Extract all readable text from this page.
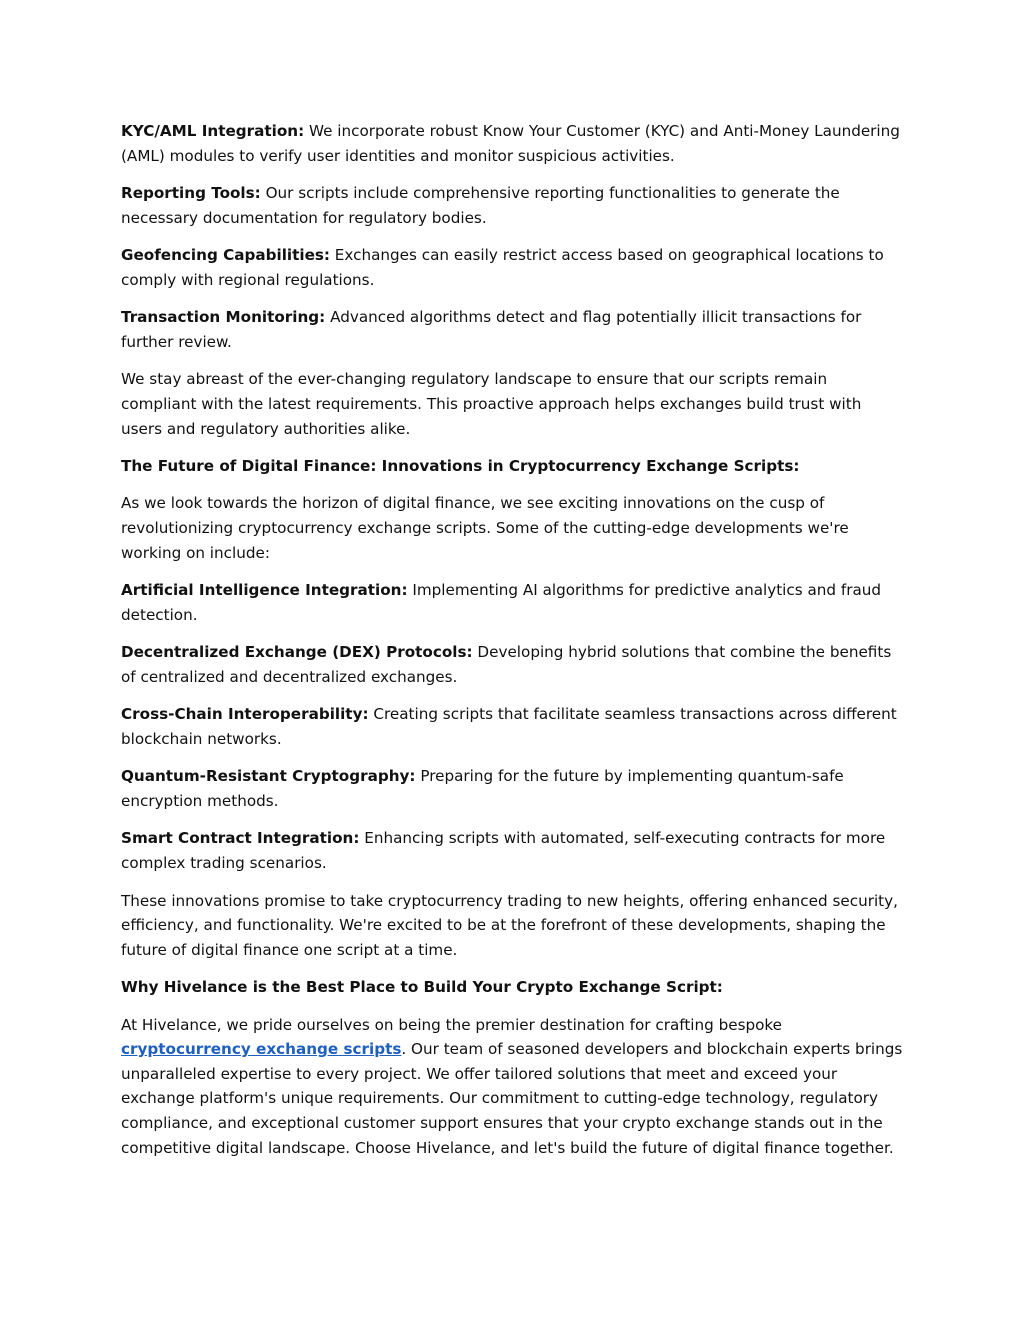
KYC/AML Integration: We incorporate robust Know Your Customer (KYC) and Anti-Money Laundering (AML) modules to verify user identities and monitor suspicious activities.

Reporting Tools: Our scripts include comprehensive reporting functionalities to generate the necessary documentation for regulatory bodies.

Geofencing Capabilities: Exchanges can easily restrict access based on geographical locations to comply with regional regulations.

Transaction Monitoring: Advanced algorithms detect and flag potentially illicit transactions for further review.

We stay abreast of the ever-changing regulatory landscape to ensure that our scripts remain compliant with the latest requirements. This proactive approach helps exchanges build trust with users and regulatory authorities alike.

The Future of Digital Finance: Innovations in Cryptocurrency Exchange Scripts:

As we look towards the horizon of digital finance, we see exciting innovations on the cusp of revolutionizing cryptocurrency exchange scripts. Some of the cutting-edge developments we're working on include:

Artificial Intelligence Integration: Implementing AI algorithms for predictive analytics and fraud detection.

Decentralized Exchange (DEX) Protocols: Developing hybrid solutions that combine the benefits of centralized and decentralized exchanges.

Cross-Chain Interoperability: Creating scripts that facilitate seamless transactions across different blockchain networks.

Quantum-Resistant Cryptography: Preparing for the future by implementing quantum-safe encryption methods.

Smart Contract Integration: Enhancing scripts with automated, self-executing contracts for more complex trading scenarios.

These innovations promise to take cryptocurrency trading to new heights, offering enhanced security, efficiency, and functionality. We're excited to be at the forefront of these developments, shaping the future of digital finance one script at a time.

Why Hivelance is the Best Place to Build Your Crypto Exchange Script:

At Hivelance, we pride ourselves on being the premier destination for crafting bespoke cryptocurrency exchange scripts. Our team of seasoned developers and blockchain experts brings unparalleled expertise to every project. We offer tailored solutions that meet and exceed your exchange platform's unique requirements. Our commitment to cutting-edge technology, regulatory compliance, and exceptional customer support ensures that your crypto exchange stands out in the competitive digital landscape. Choose Hivelance, and let's build the future of digital finance together.
